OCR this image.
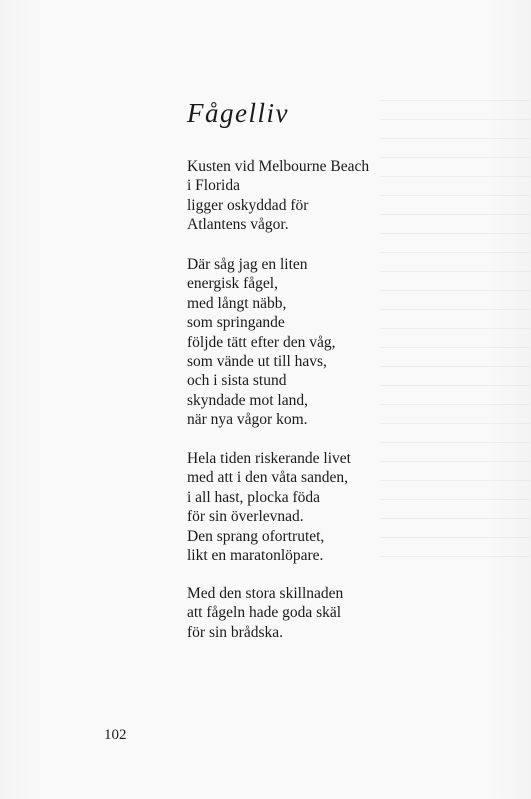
Fågelliv

Kusten vid Melbourne Beach
i Florida
ligger oskyddad för
Atlantens vågor.

Där såg jag en liten
energisk fågel,
med långt näbb,
som springande
följde tätt efter den våg,
som vände ut till havs,
och i sista stund
skyndade mot land,
när nya vågor kom.

Hela tiden riskerande livet
med att i den våta sanden,
i all hast, plocka föda
för sin överlevnad.
Den sprang ofortrutet,
likt en maratonlöpare.

Med den stora skillnaden
att fågeln hade goda skäl
för sin brådska.

102
